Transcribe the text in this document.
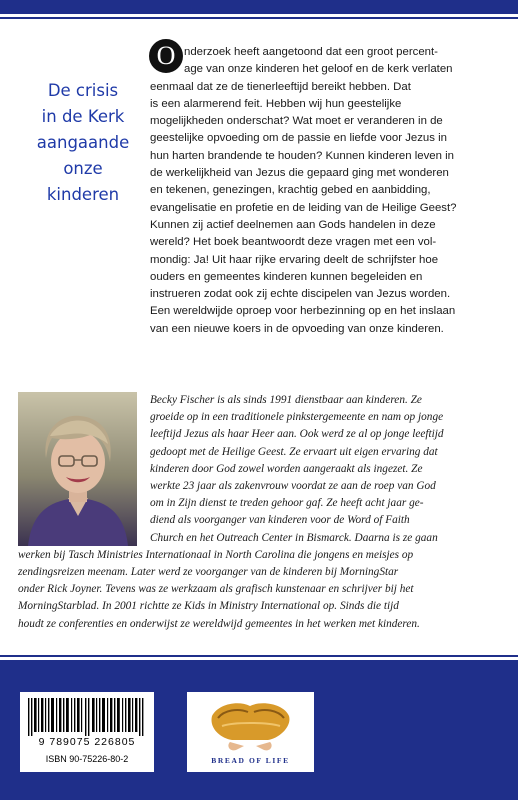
De crisis
in de Kerk
aangaande
onze
kinderen
O nderzoek heeft aangetoond dat een groot percent-
age van onze kinderen het geloof en de kerk verlaten
eenmaal dat ze de tienerleeftijd bereikt hebben. Dat
is een alarmerend feit. Hebben wij hun geestelijke
mogelijkheden onderschat? Wat moet er veranderen in de
geestelijke opvoeding om de passie en liefde voor Jezus in
hun harten brandende te houden? Kunnen kinderen leven in
de werkelijkheid van Jezus die gepaard ging met wonderen
en tekenen, genezingen, krachtig gebed en aanbidding,
evangelisatie en profetie en de leiding van de Heilige Geest?
Kunnen zij actief deelnemen aan Gods handelen in deze
wereld? Het boek beantwoordt deze vragen met een vol-
mondig: Ja! Uit haar rijke ervaring deelt de schrijfster hoe
ouders en gemeentes kinderen kunnen begeleiden en
instrueren zodat ook zij echte discipelen van Jezus worden.
Een wereldwijde oproep voor herbezinning op en het inslaan
van een nieuwe koers in de opvoeding van onze kinderen.
Becky Fischer is als sinds 1991 dienstbaar aan kinderen. Ze
groeide op in een traditionele pinkstergemeente en nam op jonge
leeftijd Jezus als haar Heer aan. Ook werd ze al op jonge leeftijd
gedoopt met de Heilige Geest. Ze ervaart uit eigen ervaring dat
kinderen door God zowel worden aangeraakt als ingezet. Ze
werkte 23 jaar als zakenvrouw voordat ze aan de roep van God
om in Zijn dienst te treden gehoor gaf. Ze heeft acht jaar ge-
diend als voorganger van kinderen voor de Word of Faith
Church en het Outreach Center in Bismarck. Daarna is ze gaan
werken bij Tasch Ministries Internationaal in North Carolina die jongens en meisjes op
zendingsreizen meenam. Later werd ze voorganger van de kinderen bij MorningStar
onder Rick Joyner. Tevens was ze werkzaam als grafisch kunstenaar en schrijver bij het
MorningStarblad. In 2001 richtte ze Kids in Ministry International op. Sinds die tijd
houdt ze conferenties en onderwijst ze wereldwijd gemeentes in het werken met kinderen.
9 789075 226805
ISBN 90-75226-80-2	BREAD OF LIFE
